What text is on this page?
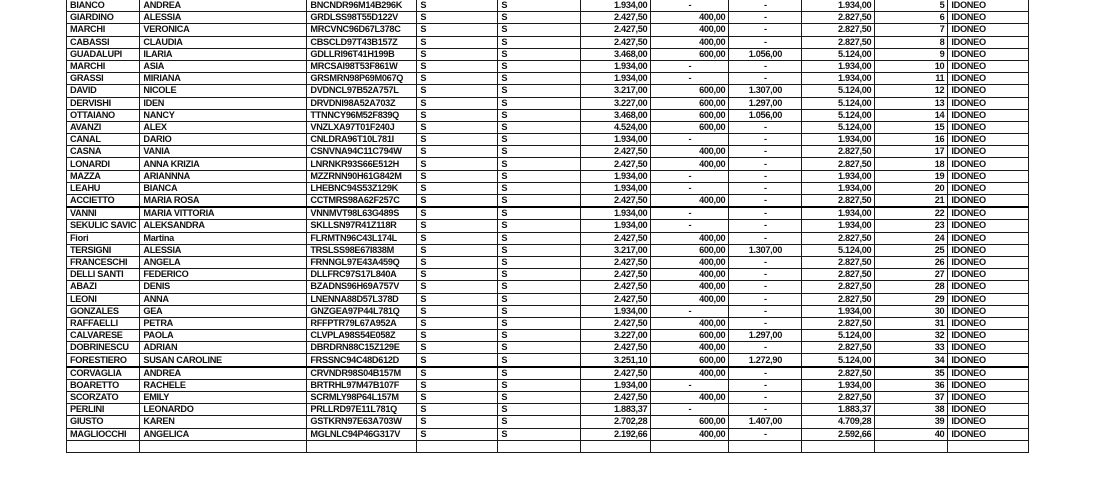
BIANCO	ANDREA	BNCNDR96M14B296K	S	S	1.934,00	-	-	1.934,00	5	IDONEO
GIARDINO	ALESSIA	GRDLSS98T55D122V	S	S	2.427,50	400,00	-	2.827,50	6	IDONEO
MARCHI	VERONICA	MRCVNC96D67L378C	S	S	2.427,50	400,00	-	2.827,50	7	IDONEO
CABASSI	CLAUDIA	CBSCLD97T43B157Z	S	S	2.427,50	400,00	-	2.827,50	8	IDONEO
GUADALUPI	ILARIA	GDLLRI96T41H199B	S	S	3.468,00	600,00	1.056,00	5.124,00	9	IDONEO
MARCHI	ASIA	MRCSAI98T53F861W	S	S	1.934,00	-	-	1.934,00	10	IDONEO
GRASSI	MIRIANA	GRSMRN98P69M067Q	S	S	1.934,00	-	-	1.934,00	11	IDONEO
DAVID	NICOLE	DVDNCL97B52A757L	S	S	3.217,00	600,00	1.307,00	5.124,00	12	IDONEO
DERVISHI	IDEN	DRVDNI98A52A703Z	S	S	3.227,00	600,00	1.297,00	5.124,00	13	IDONEO
OTTAIANO	NANCY	TTNNCY96M52F839Q	S	S	3.468,00	600,00	1.056,00	5.124,00	14	IDONEO
AVANZI	ALEX	VNZLXA97T01F240J	S	S	4.524,00	600,00	-	5.124,00	15	IDONEO
CANAL	DARIO	CNLDRA96T10L781I	S	S	1.934,00	-	-	1.934,00	16	IDONEO
CASNA	VANIA	CSNVNA94C11C794W	S	S	2.427,50	400,00	-	2.827,50	17	IDONEO
LONARDI	ANNA KRIZIA	LNRNKR93S66E512H	S	S	2.427,50	400,00	-	2.827,50	18	IDONEO
MAZZA	ARIANNNA	MZZRNN90H61G842M	S	S	1.934,00	-	-	1.934,00	19	IDONEO
LEAHU	BIANCA	LHEBNC94S53Z129K	S	S	1.934,00	-	-	1.934,00	20	IDONEO
ACCIETTO	MARIA ROSA	CCTMRS98A62F257C	S	S	2.427,50	400,00	-	2.827,50	21	IDONEO
VANNI	MARIA VITTORIA	VNNMVT98L63G489S	S	S	1.934,00	-	-	1.934,00	22	IDONEO
SEKULIC SAVIC	ALEKSANDRA	SKLLSN97R41Z118R	S	S	1.934,00	-	-	1.934,00	23	IDONEO
Fiori	Martina	FLRMTN96C43L174L	S	S	2.427,50	400,00	-	2.827,50	24	IDONEO
TERSIGNI	ALESSIA	TRSLSS98E67I838M	S	S	3.217,00	600,00	1.307,00	5.124,00	25	IDONEO
FRANCESCHI	ANGELA	FRNNGL97E43A459Q	S	S	2.427,50	400,00	-	2.827,50	26	IDONEO
DELLI SANTI	FEDERICO	DLLFRC97S17L840A	S	S	2.427,50	400,00	-	2.827,50	27	IDONEO
ABAZI	DENIS	BZADNS96H69A757V	S	S	2.427,50	400,00	-	2.827,50	28	IDONEO
LEONI	ANNA	LNENNA88D57L378D	S	S	2.427,50	400,00	-	2.827,50	29	IDONEO
GONZALES	GEA	GNZGEA97P44L781Q	S	S	1.934,00	-	-	1.934,00	30	IDONEO
RAFFAELLI	PETRA	RFFPTR79L67A952A	S	S	2.427,50	400,00	-	2.827,50	31	IDONEO
CALVARESE	PAOLA	CLVPLA98S54E058Z	S	S	3.227,00	600,00	1.297,00	5.124,00	32	IDONEO
DOBRINESCU	ADRIAN	DBRDRN88C15Z129E	S	S	2.427,50	400,00	-	2.827,50	33	IDONEO
FORESTIERO	SUSAN CAROLINE	FRSSNC94C48D612D	S	S	3.251,10	600,00	1.272,90	5.124,00	34	IDONEO
CORVAGLIA	ANDREA	CRVNDR98S04B157M	S	S	2.427,50	400,00	-	2.827,50	35	IDONEO
BOARETTO	RACHELE	BRTRHL97M47B107F	S	S	1.934,00	-	-	1.934,00	36	IDONEO
SCORZATO	EMILY	SCRMLY98P64L157M	S	S	2.427,50	400,00	-	2.827,50	37	IDONEO
PERLINI	LEONARDO	PRLLRD97E11L781Q	S	S	1.883,37	-	-	1.883,37	38	IDONEO
GIUSTO	KAREN	GSTKRN97E63A703W	S	S	2.702,28	600,00	1.407,00	4.709,28	39	IDONEO
MAGLIOCCHI	ANGELICA	MGLNLC94P46G317V	S	S	2.192,66	400,00	-	2.592,66	40	IDONEO
